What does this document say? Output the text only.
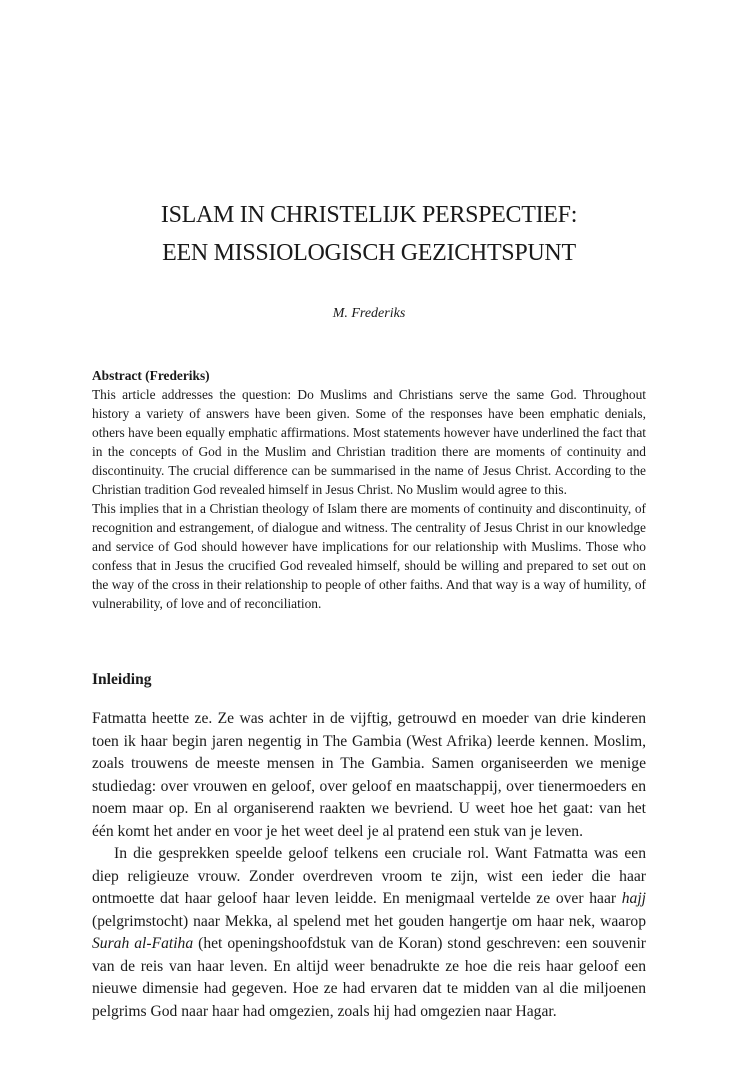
ISLAM IN CHRISTELIJK PERSPECTIEF:
EEN MISSIOLOGISCH GEZICHTSPUNT
M. Frederiks
Abstract (Frederiks)

This article addresses the question: Do Muslims and Christians serve the same God. Throughout history a variety of answers have been given. Some of the responses have been emphatic denials, others have been equally emphatic affirmations. Most statements however have underlined the fact that in the concepts of God in the Muslim and Christian tradition there are moments of continuity and discontinuity. The crucial difference can be summarised in the name of Jesus Christ. According to the Christian tradition God revealed himself in Jesus Christ. No Muslim would agree to this.

This implies that in a Christian theology of Islam there are moments of continuity and discontinuity, of recognition and estrangement, of dialogue and witness. The centrality of Jesus Christ in our knowledge and service of God should however have implications for our relationship with Muslims. Those who confess that in Jesus the crucified God revealed himself, should be willing and prepared to set out on the way of the cross in their relationship to people of other faiths. And that way is a way of humility, of vulnerability, of love and of reconciliation.

Inleiding

Fatmatta heette ze. Ze was achter in de vijftig, getrouwd en moeder van drie kinderen toen ik haar begin jaren negentig in The Gambia (West Afrika) leerde kennen. Moslim, zoals trouwens de meeste mensen in The Gambia. Samen organiseerden we menige studiedag: over vrouwen en geloof, over geloof en maatschappij, over tienermoeders en noem maar op. En al organiserend raakten we bevriend. U weet hoe het gaat: van het één komt het ander en voor je het weet deel je al pratend een stuk van je leven.

In die gesprekken speelde geloof telkens een cruciale rol. Want Fatmatta was een diep religieuze vrouw. Zonder overdreven vroom te zijn, wist een ieder die haar ontmoette dat haar geloof haar leven leidde. En menigmaal vertelde ze over haar hajj (pelgrimstocht) naar Mekka, al spelend met het gouden hangertje om haar nek, waarop Surah al-Fatiha (het openingshoofdstuk van de Koran) stond geschreven: een souvenir van de reis van haar leven. En altijd weer benadrukte ze hoe die reis haar geloof een nieuwe dimensie had gegeven. Hoe ze had ervaren dat te midden van al die miljoenen pelgrims God naar haar had omgezien, zoals hij had omgezien naar Hagar.
